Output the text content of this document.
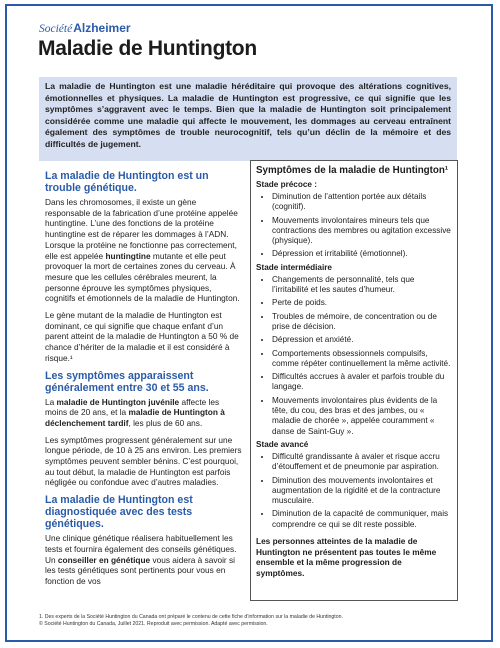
SociétéAlzheimer
Maladie de Huntington
La maladie de Huntington est une maladie héréditaire qui provoque des altérations cognitives, émotionnelles et physiques. La maladie de Huntington est progressive, ce qui signifie que les symptômes s’aggravent avec le temps. Bien que la maladie de Huntington soit principalement considérée comme une maladie qui affecte le mouvement, les dommages au cerveau entraînent également des symptômes de trouble neurocognitif, tels qu’un déclin de la mémoire et des difficultés de jugement.
La maladie de Huntington est un trouble génétique.

Dans les chromosomes, il existe un gène responsable de la fabrication d’une protéine appelée huntingtine. L’une des fonctions de la protéine huntingtine est de réparer les dommages à l’ADN. Lorsque la protéine ne fonctionne pas correctement, elle est appelée huntingtine mutante et elle peut provoquer la mort de certaines zones du cerveau. À mesure que les cellules cérébrales meurent, la personne éprouve les symptômes physiques, cognitifs et émotionnels de la maladie de Huntington.

Le gène mutant de la maladie de Huntington est dominant, ce qui signifie que chaque enfant d’un parent atteint de la maladie de Huntington a 50 % de chance d’hériter de la maladie et il est considéré à risque.¹

Les symptômes apparaissent généralement entre 30 et 55 ans.

La maladie de Huntington juvénile affecte les moins de 20 ans, et la maladie de Huntington à déclenchement tardif, les plus de 60 ans.

Les symptômes progressent généralement sur une longue période, de 10 à 25 ans environ. Les premiers symptômes peuvent sembler bénins. C’est pourquoi, au tout début, la maladie de Huntington est parfois négligée ou confondue avec d’autres maladies.

La maladie de Huntington est diagnostiquée avec des tests génétiques.

Une clinique génétique réalisera habituellement les tests et fournira également des conseils génétiques. Un conseiller en génétique vous aidera à savoir si les tests génétiques sont pertinents pour vous en fonction de vos

Symptômes de la maladie de Huntington¹
Stade précoce :
• Diminution de l’attention portée aux détails (cognitif).
• Mouvements involontaires mineurs tels que contractions des membres ou agitation excessive (physique).
• Dépression et irritabilité (émotionnel).
Stade intermédiaire
• Changements de personnalité, tels que l’irritabilité et les sautes d’humeur.
• Perte de poids.
• Troubles de mémoire, de concentration ou de prise de décision.
• Dépression et anxiété.
• Comportements obsessionnels compulsifs, comme répéter continuellement la même activité.
• Difficultés accrues à avaler et parfois trouble du langage.
• Mouvements involontaires plus évidents de la tête, du cou, des bras et des jambes, ou « maladie de chorée », appelée couramment « danse de Saint-Guy ».
Stade avancé
• Difficulté grandissante à avaler et risque accru d’étouffement et de pneumonie par aspiration.
• Diminution des mouvements involontaires et augmentation de la rigidité et de la contracture musculaire.
• Diminution de la capacité de communiquer, mais comprendre ce qui se dit reste possible.
Les personnes atteintes de la maladie de Huntington ne présentent pas toutes le même ensemble et la même progression de symptômes.
1. Des experts de la Société Huntington du Canada ont préparé le contenu de cette fiche d’information sur la maladie de Huntington.
© Société Huntington du Canada, Juillet 2021. Reproduit avec permission. Adapté avec permission.
